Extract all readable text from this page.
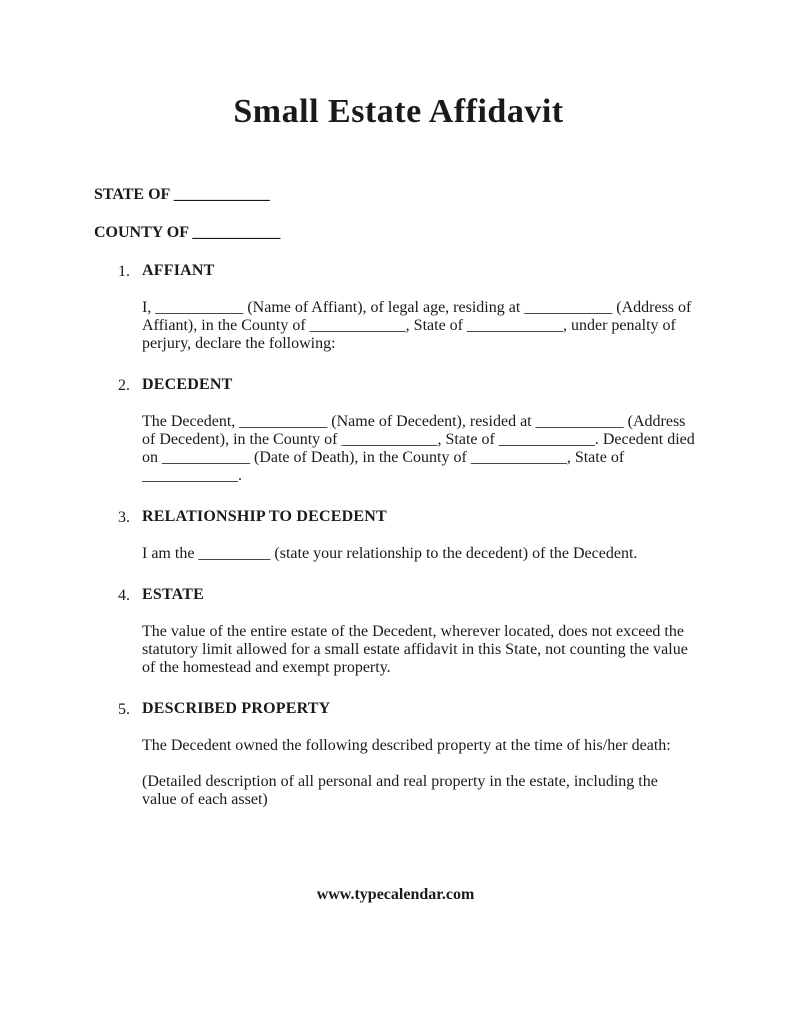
Small Estate Affidavit
STATE OF ____________
COUNTY OF ___________
1. AFFIANT

I, ___________ (Name of Affiant), of legal age, residing at ___________ (Address of Affiant), in the County of ____________, State of ____________, under penalty of perjury, declare the following:

2. DECEDENT

The Decedent, ___________ (Name of Decedent), resided at ___________ (Address of Decedent), in the County of ____________, State of ____________. Decedent died on ___________ (Date of Death), in the County of ____________, State of ____________.

3. RELATIONSHIP TO DECEDENT

I am the _________ (state your relationship to the decedent) of the Decedent.

4. ESTATE

The value of the entire estate of the Decedent, wherever located, does not exceed the statutory limit allowed for a small estate affidavit in this State, not counting the value of the homestead and exempt property.

5. DESCRIBED PROPERTY

The Decedent owned the following described property at the time of his/her death:

(Detailed description of all personal and real property in the estate, including the value of each asset)

www.typecalendar.com
